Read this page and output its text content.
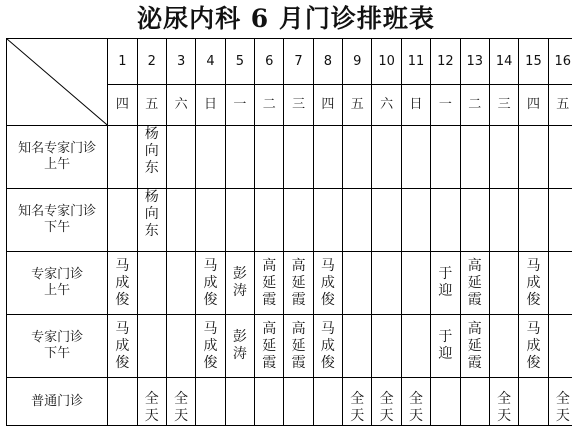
泌尿内科 6 月门诊排班表
	1	2	3	4	5	6	7	8	9	10	11	12	13	14	15	16
	四	五	六	日	一	二	三	四	五	六	日	一	二	三	四	五

知名专家门诊
上午		杨向东														

知名专家门诊
下午		杨向东														

专家门诊
上午	马成俊			马成俊	彭涛	高延霞	高延霞	马成俊				于迎	高延霞		马成俊	

专家门诊
下午	马成俊			马成俊	彭涛	高延霞	高延霞	马成俊				于迎	高延霞		马成俊	

普通门诊		全天	全天						全天	全天	全天			全天		全天
